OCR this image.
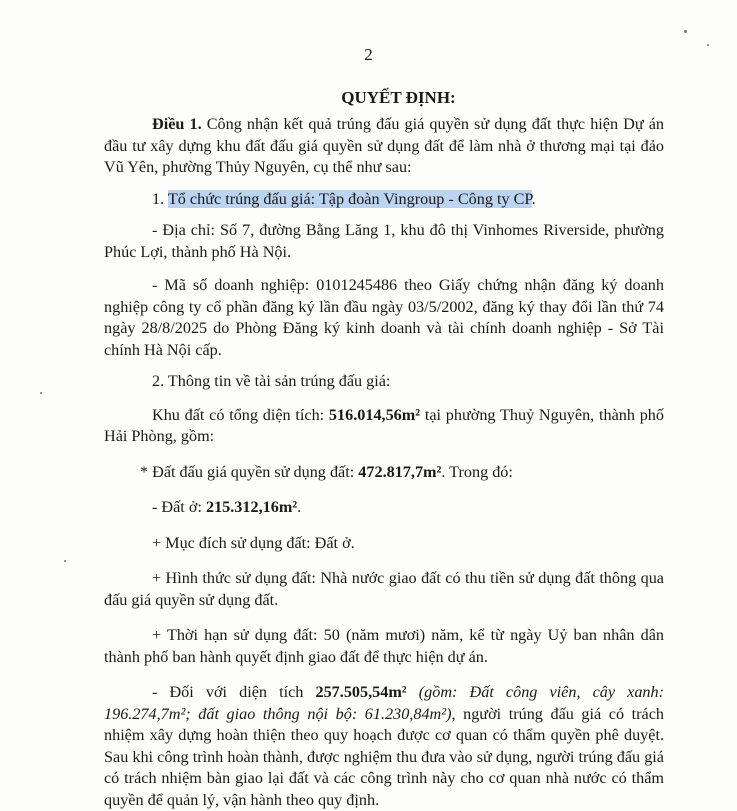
2
QUYẾT ĐỊNH:

Điều 1. Công nhận kết quả trúng đấu giá quyền sử dụng đất thực hiện Dự án đầu tư xây dựng khu đất đấu giá quyền sử dụng đất để làm nhà ở thương mại tại đảo Vũ Yên, phường Thủy Nguyên, cụ thể như sau:

1. Tổ chức trúng đấu giá: Tập đoàn Vingroup - Công ty CP.

- Địa chỉ: Số 7, đường Bằng Lăng 1, khu đô thị Vinhomes Riverside, phường Phúc Lợi, thành phố Hà Nội.

- Mã số doanh nghiệp: 0101245486 theo Giấy chứng nhận đăng ký doanh nghiệp công ty cổ phần đăng ký lần đầu ngày 03/5/2002, đăng ký thay đổi lần thứ 74 ngày 28/8/2025 do Phòng Đăng ký kinh doanh và tài chính doanh nghiệp - Sở Tài chính Hà Nội cấp.

2. Thông tin về tài sản trúng đấu giá:

Khu đất có tổng diện tích: 516.014,56m² tại phường Thuỷ Nguyên, thành phố Hải Phòng, gồm:

* Đất đấu giá quyền sử dụng đất: 472.817,7m². Trong đó:

- Đất ở: 215.312,16m².

+ Mục đích sử dụng đất: Đất ở.

+ Hình thức sử dụng đất: Nhà nước giao đất có thu tiền sử dụng đất thông qua đấu giá quyền sử dụng đất.

+ Thời hạn sử dụng đất: 50 (năm mươi) năm, kể từ ngày Uỷ ban nhân dân thành phố ban hành quyết định giao đất để thực hiện dự án.

- Đối với diện tích 257.505,54m² (gồm: Đất công viên, cây xanh: 196.274,7m²; đất giao thông nội bộ: 61.230,84m²), người trúng đấu giá có trách nhiệm xây dựng hoàn thiện theo quy hoạch được cơ quan có thẩm quyền phê duyệt. Sau khi công trình hoàn thành, được nghiệm thu đưa vào sử dụng, người trúng đấu giá có trách nhiệm bàn giao lại đất và các công trình này cho cơ quan nhà nước có thẩm quyền để quản lý, vận hành theo quy định.
